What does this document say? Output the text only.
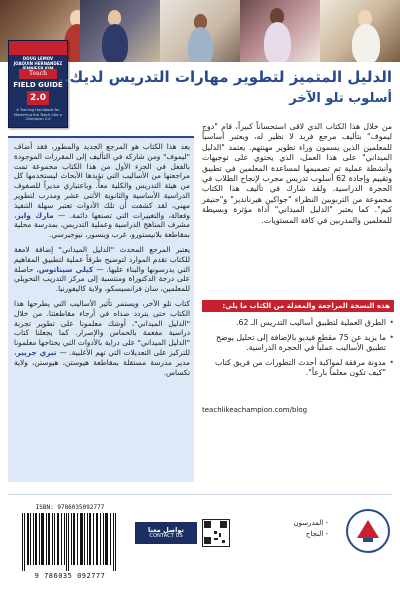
DOUG LEMOV
JOAQUIN HERNANDEZ

Teach
FIELD GUIDE
2.0
A Training Handbook for Mastering the Teach Like a Champion 2.0
الدليل المتميز لتطوير مهارات التدريس لديك..
أسلوب تلو الآخر

يعد هذا الكتاب هو المرجع الجديد والمطور، فقد أضاف "ليموف" ومن شاركه في التأليف إلى المقررات الموجودة بالفعل في الجزء الأول من هذا الكتاب مجموعة تمت مراجعتها من الأساليب التي تؤيدها الأبحاث ليستخدمها كل من هيئة التدريس والكلية معاً. وباعتباري مديراً للصفوف الدراسية الأساسية والثانوية الأثنى عشر ومدرب لتطوير مهني، لقد كشفت أن تلك الأدوات تعتبر سهلة التنفيذ وفعالة، والتغييرات التي تصنعها دائمة. — مارك وايز، مشرف المناهج الدراسية وعملية التدريس، بمدرسة محلية بمقاطعة بلانيستورو، غرب وينسور، نيوجيرسي.

يعتبر المرجع المحدث "الدليل الميداني" إضافة لامعة للكتاب تقدم الموارد لتوضيح طرقاً عملية لتطبيق المفاهيم التي يدرسونها والبناء عليها. — كيلي سيناتوس، حاصلة على درجة الدكتوراة ومنتسبة إلى مركز التدريب التحويلي للمعلمين، سان فرانسيسكو، ولاية كاليفورنيا.

كتاب تلو الآخر، ويستمر تأثير الأساليب التي يطرحها هذا الكتاب حتى يتردد صداه في أرجاء مقاطعتنا. من خلال "الدليل الميداني"، أوشك معلمونا على تطوير تجربة دراسية مفعمة بالحماس والإصرار. كما يجعلنا كتاب "الدليل الميداني" على دراية بالأدوات التي يحتاجها معلمونا للتركيز على التعديلات التي تهم الأغلبية. — تيري جريير، مدير مدرسة مستقلة بمقاطعة هيوستن، هيوستن، ولاية تكساس.

من خلال هذا الكتاب الذي لاقى استحساناً كبيراً، قام "دوج ليموف" بتأليف مرجع فريد لا نظير له، ويعتبر أساسياً للمعلمين الذين يسمون وراء تطوير مهنتهم. يعتمد "الدليل الميداني" على هذا العمل، الذي يحتوي على توجيهات وأنشطة عملية تم تصميمها لمساعدة المعلمين في تطبيق وتقييم وإجادة 62 أسلوب تدريس مجرب لإنجاح الطلاب في الحجرة الدراسية. ولقد شارك في تأليف هذا الكتاب مجموعة من التربويين النظراء "جواكين هيرنانديز" و"جنيفر كيم". كما يعتبر "الدليل الميداني" أداة مؤثرة وبسيطة للمعلمين والمدربين في كافة المستويات.
هذه النسخة المراجعة والمعدلة من الكتاب ما يلي:
• الطرق العملية لتطبيق أساليب التدريس الـ 62.
• ما يزيد عن 75 مقطع فيديو بالإضافة إلى تحليل يوضح تطبيق الأساليب عملياً في الحجرة الدراسية.
• مدونة مرفقة لمواكبة أحدث التطورات من فريق كتاب "كيف تكون معلماً بارعاً".
teachlikeachampion.com/blog
ISBN: 9786035092777
9 786035 092777
تواصل معنا
CONTACT US
- المدرسون
- النجاح
